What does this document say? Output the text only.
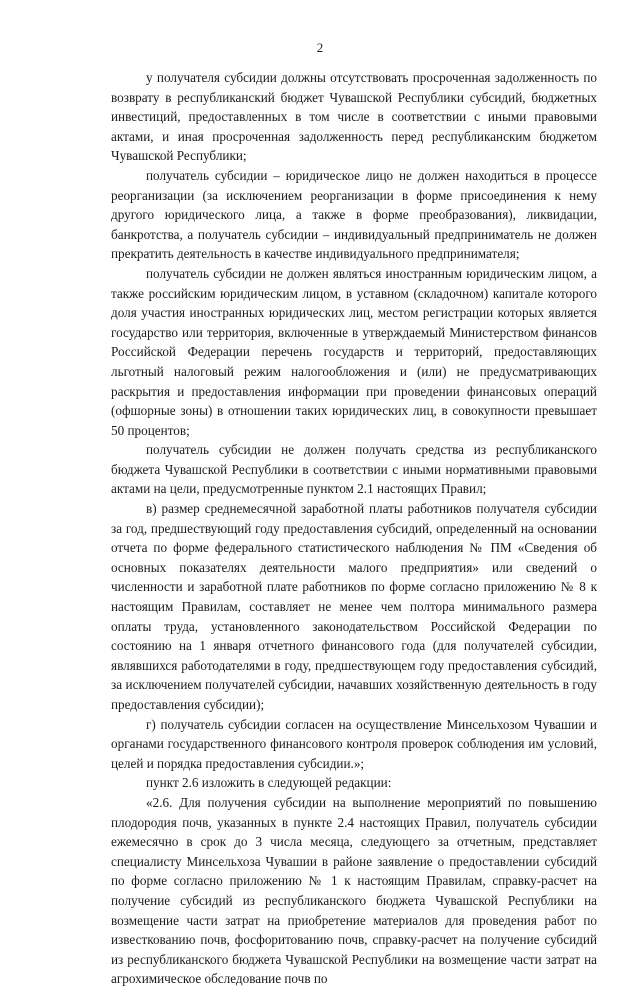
2

у получателя субсидии должны отсутствовать просроченная задолженность по возврату в республиканский бюджет Чувашской Республики субсидий, бюджетных инвестиций, предоставленных в том числе в соответствии с иными правовыми актами, и иная просроченная задолженность перед республиканским бюджетом Чувашской Республики;

получатель субсидии – юридическое лицо не должен находиться в процессе реорганизации (за исключением реорганизации в форме присоединения к нему другого юридического лица, а также в форме преобразования), ликвидации, банкротства, а получатель субсидии – индивидуальный предприниматель не должен прекратить деятельность в качестве индивидуального предпринимателя;

получатель субсидии не должен являться иностранным юридическим лицом, а также российским юридическим лицом, в уставном (складочном) капитале которого доля участия иностранных юридических лиц, местом регистрации которых является государство или территория, включенные в утверждаемый Министерством финансов Российской Федерации перечень государств и территорий, предоставляющих льготный налоговый режим налогообложения и (или) не предусматривающих раскрытия и предоставления информации при проведении финансовых операций (офшорные зоны) в отношении таких юридических лиц, в совокупности превышает 50 процентов;

получатель субсидии не должен получать средства из республиканского бюджета Чувашской Республики в соответствии с иными нормативными правовыми актами на цели, предусмотренные пунктом 2.1 настоящих Правил;

в) размер среднемесячной заработной платы работников получателя субсидии за год, предшествующий году предоставления субсидий, определенный на основании отчета по форме федерального статистического наблюдения № ПМ «Сведения об основных показателях деятельности малого предприятия» или сведений о численности и заработной плате работников по форме согласно приложению № 8 к настоящим Правилам, составляет не менее чем полтора минимального размера оплаты труда, установленного законодательством Российской Федерации по состоянию на 1 января отчетного финансового года (для получателей субсидии, являвшихся работодателями в году, предшествующем году предоставления субсидий, за исключением получателей субсидии, начавших хозяйственную деятельность в году предоставления субсидии);

г) получатель субсидии согласен на осуществление Минсельхозом Чувашии и органами государственного финансового контроля проверок соблюдения им условий, целей и порядка предоставления субсидии.»;

пункт 2.6 изложить в следующей редакции:

«2.6. Для получения субсидии на выполнение мероприятий по повышению плодородия почв, указанных в пункте 2.4 настоящих Правил, получатель субсидии ежемесячно в срок до 3 числа месяца, следующего за отчетным, представляет специалисту Минсельхоза Чувашии в районе заявление о предоставлении субсидий по форме согласно приложению № 1 к настоящим Правилам, справку-расчет на получение субсидий из республиканского бюджета Чувашской Республики на возмещение части затрат на приобретение материалов для проведения работ по известкованию почв, фосфоритованию почв, справку-расчет на получение субсидий из республиканского бюджета Чувашской Республики на возмещение части затрат на агрохимическое обследование почв по
